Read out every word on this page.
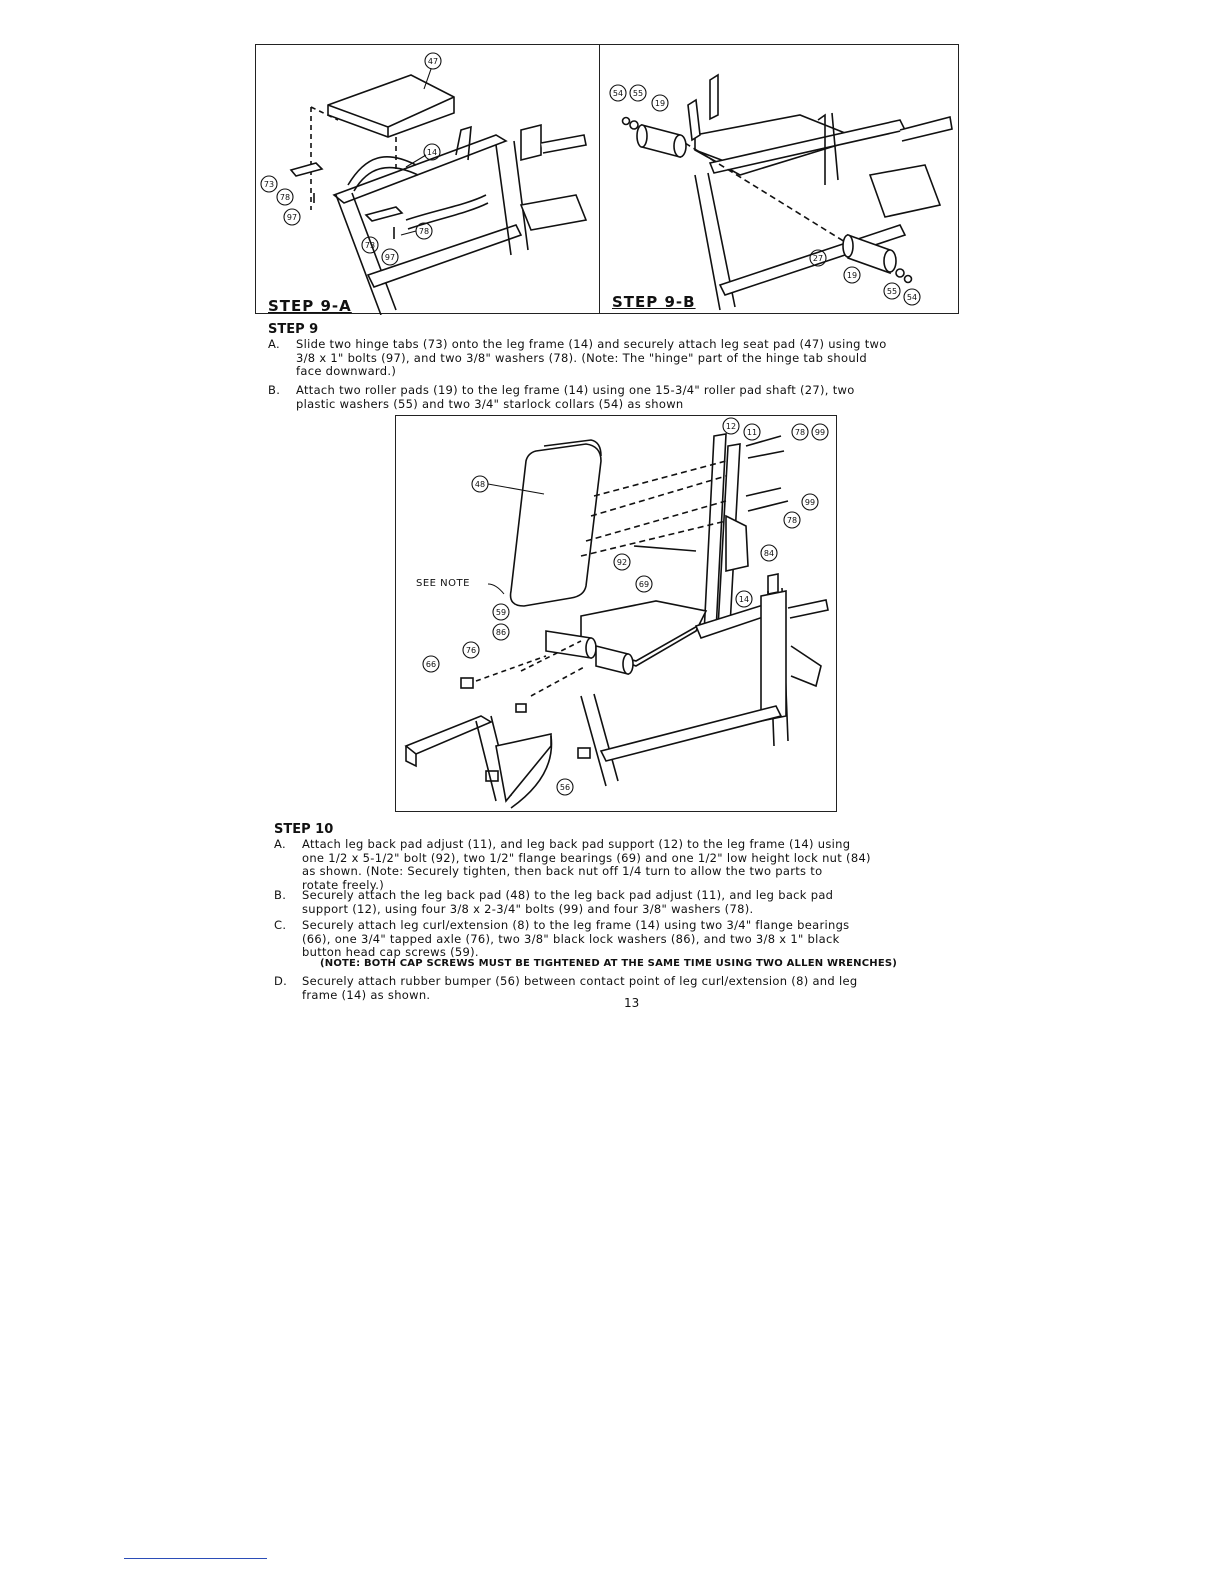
47
14
73
78
97
73
78
97
STEP 9-A
54 55
19
27
19
55
54
STEP 9-B
STEP 9
A. Slide two hinge tabs (73) onto the leg frame (14) and securely attach leg seat pad (47) using two
3/8 x 1" bolts (97), and two 3/8" washers (78). (Note: The "hinge" part of the hinge tab should
face downward.)
B. Attach two roller pads (19) to the leg frame (14) using one 15-3/4" roller pad shaft (27), two
plastic washers (55) and two 3/4" starlock collars (54) as shown
12
11	78 99
48
99
78
84
92
69
14
59
86
76
66
56
SEE NOTE
STEP 10
A. Attach leg back pad adjust (11), and leg back pad support (12) to the leg frame (14) using
one 1/2 x 5-1/2" bolt (92), two 1/2" flange bearings (69) and one 1/2" low height lock nut (84)
as shown. (Note: Securely tighten, then back nut off 1/4 turn to allow the two parts to
rotate freely.)
B. Securely attach the leg back pad (48) to the leg back pad adjust (11), and leg back pad
support (12), using four 3/8 x 2-3/4" bolts (99) and four 3/8" washers (78).
C. Securely attach leg curl/extension (8) to the leg frame (14) using two 3/4" flange bearings
(66), one 3/4" tapped axle (76), two 3/8" black lock washers (86), and two 3/8 x 1" black
button head cap screws (59).
(NOTE: BOTH CAP SCREWS MUST BE TIGHTENED AT THE SAME TIME USING TWO ALLEN WRENCHES)
D. Securely attach rubber bumper (56) between contact point of leg curl/extension (8) and leg
frame (14) as shown.
13
